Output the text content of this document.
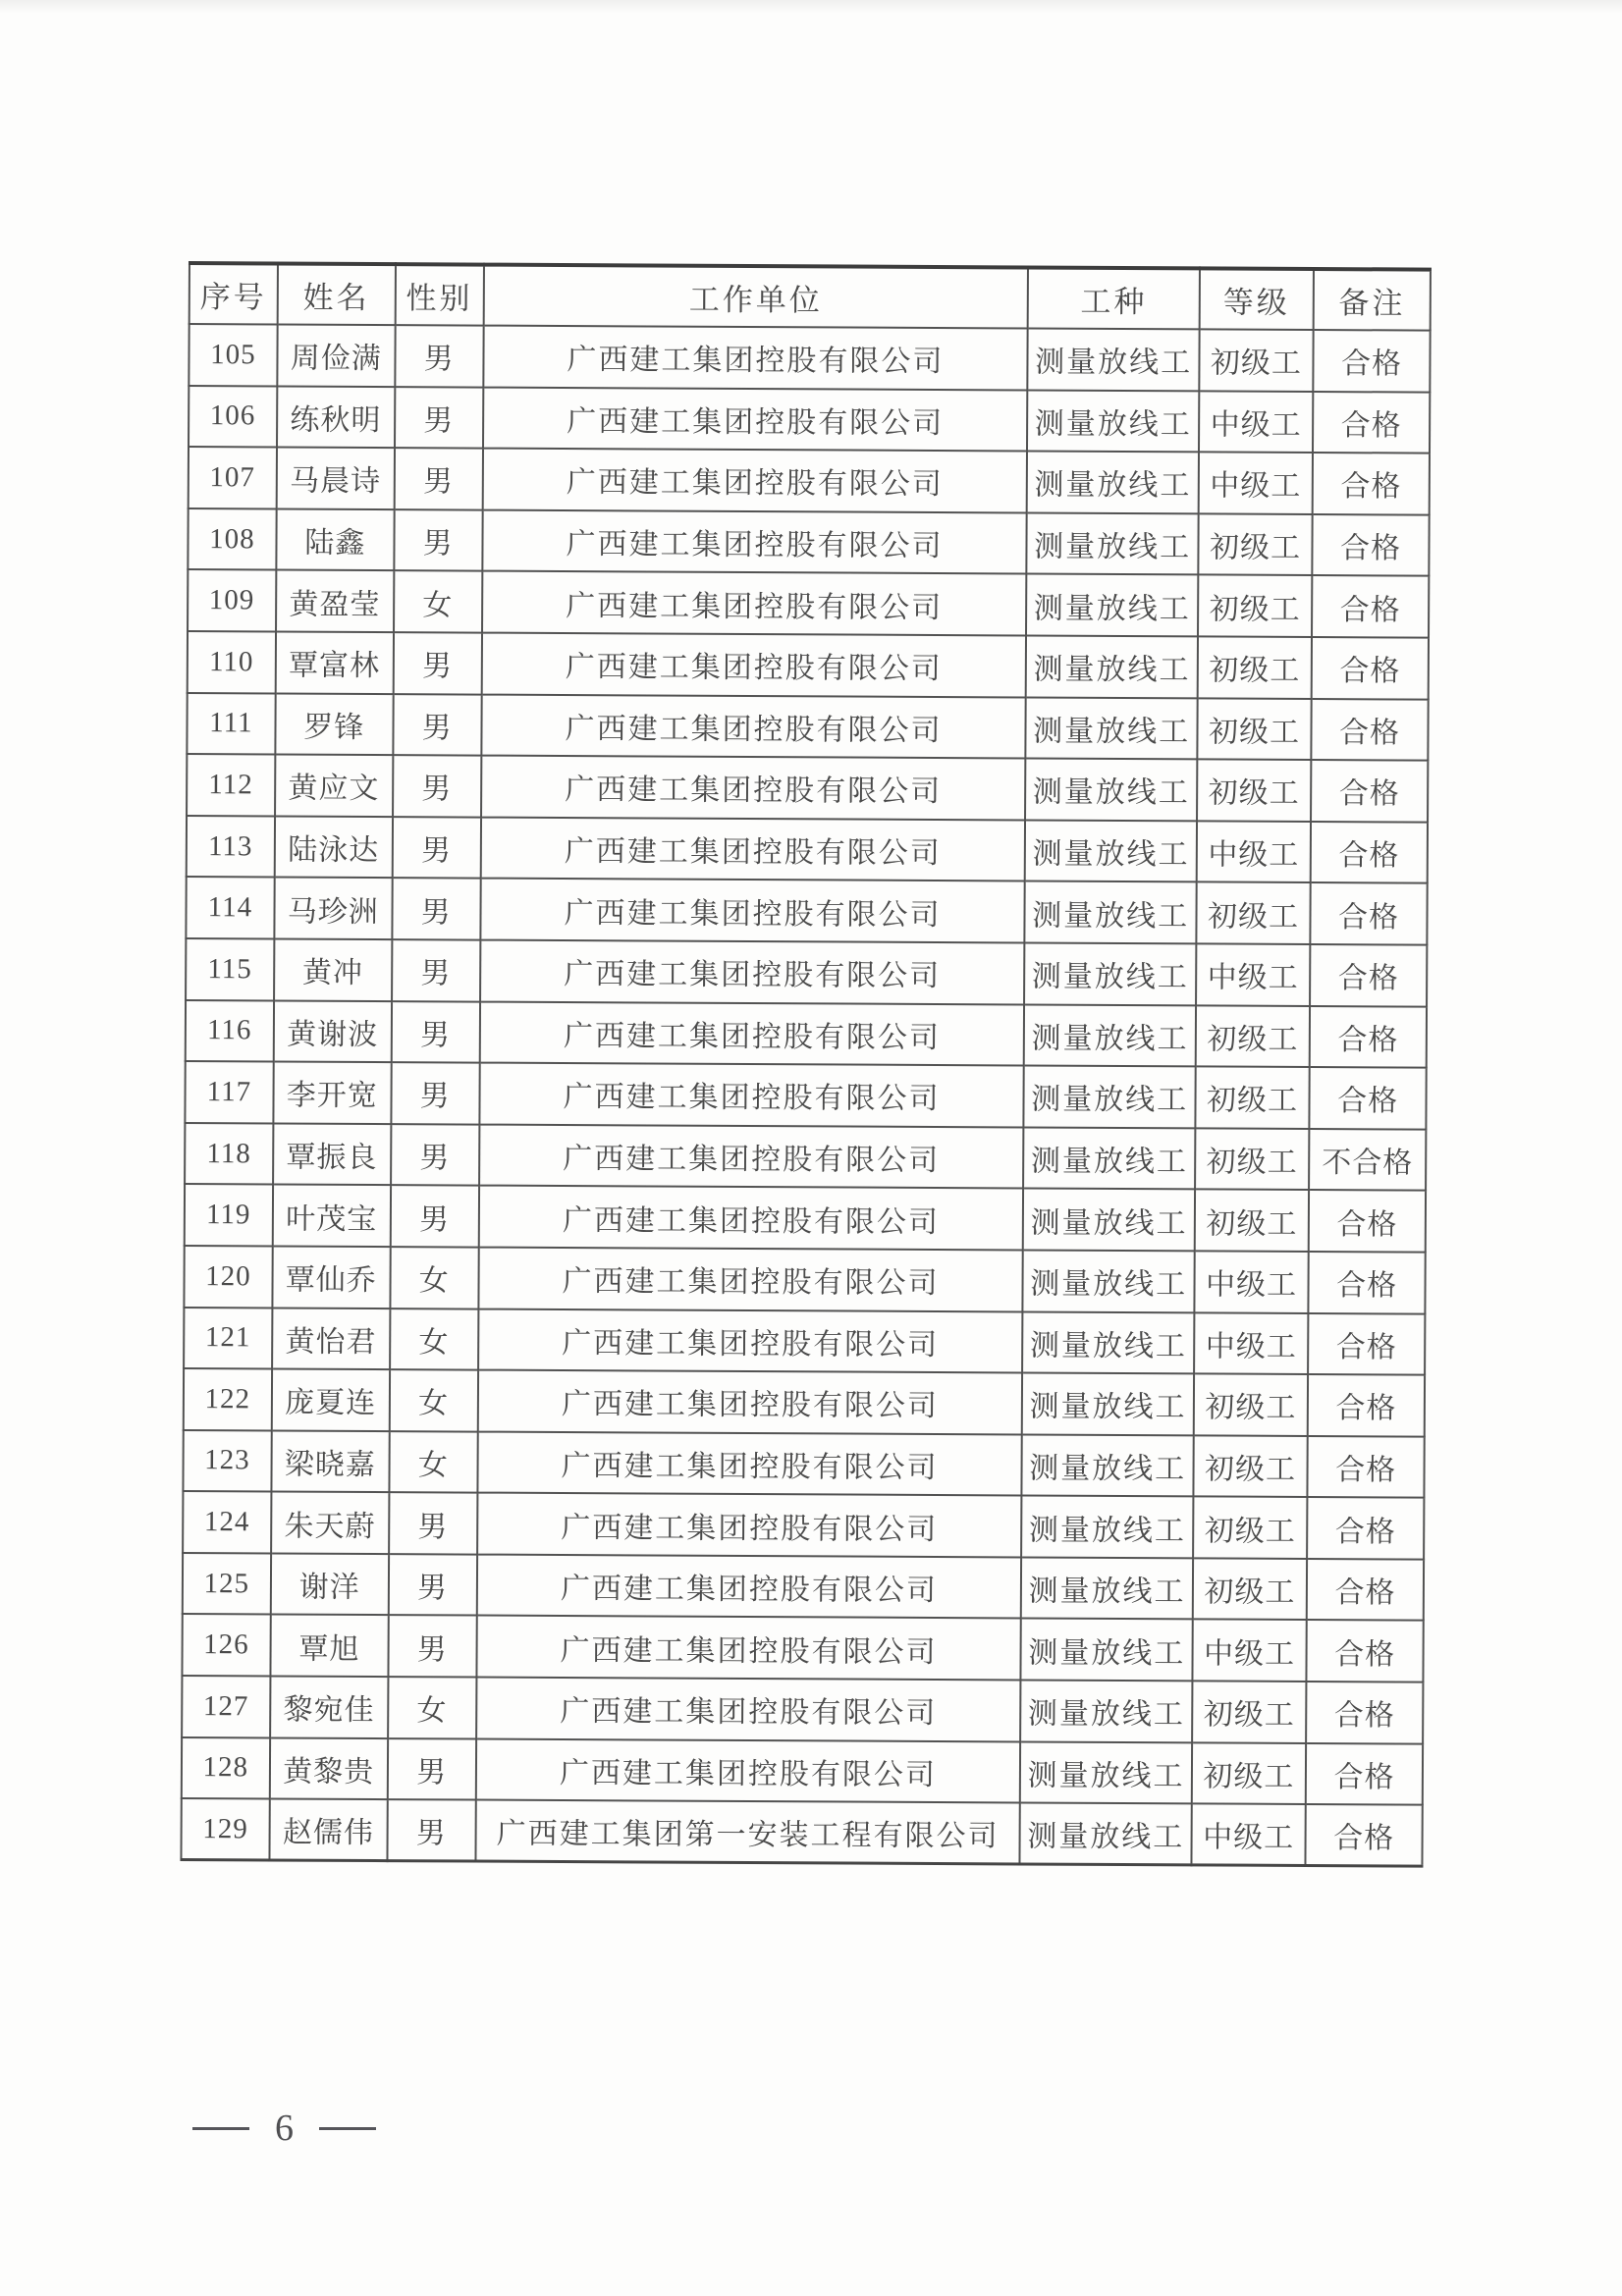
序号	姓名	性别	工作单位	工种	等级	备注
105	周俭满	男	广西建工集团控股有限公司	测量放线工	初级工	合格
106	练秋明	男	广西建工集团控股有限公司	测量放线工	中级工	合格
107	马晨诗	男	广西建工集团控股有限公司	测量放线工	中级工	合格
108	陆鑫	男	广西建工集团控股有限公司	测量放线工	初级工	合格
109	黄盈莹	女	广西建工集团控股有限公司	测量放线工	初级工	合格
110	覃富林	男	广西建工集团控股有限公司	测量放线工	初级工	合格
111	罗锋	男	广西建工集团控股有限公司	测量放线工	初级工	合格
112	黄应文	男	广西建工集团控股有限公司	测量放线工	初级工	合格
113	陆泳达	男	广西建工集团控股有限公司	测量放线工	中级工	合格
114	马珍洲	男	广西建工集团控股有限公司	测量放线工	初级工	合格
115	黄冲	男	广西建工集团控股有限公司	测量放线工	中级工	合格
116	黄谢波	男	广西建工集团控股有限公司	测量放线工	初级工	合格
117	李开宽	男	广西建工集团控股有限公司	测量放线工	初级工	合格
118	覃振良	男	广西建工集团控股有限公司	测量放线工	初级工	不合格
119	叶茂宝	男	广西建工集团控股有限公司	测量放线工	初级工	合格
120	覃仙乔	女	广西建工集团控股有限公司	测量放线工	中级工	合格
121	黄怡君	女	广西建工集团控股有限公司	测量放线工	中级工	合格
122	庞夏连	女	广西建工集团控股有限公司	测量放线工	初级工	合格
123	梁晓嘉	女	广西建工集团控股有限公司	测量放线工	初级工	合格
124	朱天蔚	男	广西建工集团控股有限公司	测量放线工	初级工	合格
125	谢洋	男	广西建工集团控股有限公司	测量放线工	初级工	合格
126	覃旭	男	广西建工集团控股有限公司	测量放线工	中级工	合格
127	黎宛佳	女	广西建工集团控股有限公司	测量放线工	初级工	合格
128	黄黎贵	男	广西建工集团控股有限公司	测量放线工	初级工	合格
129	赵儒伟	男	广西建工集团第一安装工程有限公司	测量放线工	中级工	合格
6
